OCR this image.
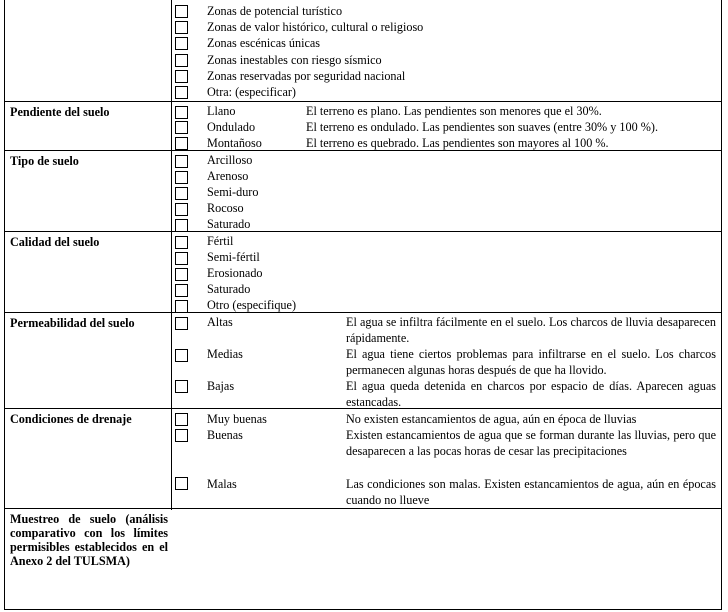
Zonas de potencial turístico
Zonas de valor histórico, cultural o religioso
Zonas escénicas únicas
Zonas inestables con riesgo sísmico
Zonas reservadas por seguridad nacional
Otra: (especificar)
Pendiente del suelo	Llano	El terreno es plano. Las pendientes son menores que el 30%.
Ondulado	El terreno es ondulado. Las pendientes son suaves (entre 30% y 100 %).
Montañoso	El terreno es quebrado. Las pendientes son mayores al 100 %.
Tipo de suelo	Arcilloso
Arenoso
Semi-duro
Rocoso
Saturado
Calidad del suelo	Fértil
Semi-fértil
Erosionado
Saturado
Otro (especifique)
Permeabilidad del suelo	Altas	El agua se infiltra fácilmente en el suelo. Los charcos de lluvia desaparecen rápidamente.
Medias	El agua tiene ciertos problemas para infiltrarse en el suelo. Los charcos permanecen algunas horas después de que ha llovido.
Bajas	El agua queda detenida en charcos por espacio de días. Aparecen aguas estancadas.
Condiciones de drenaje	Muy buenas	No existen estancamientos de agua, aún en época de lluvias
Buenas	Existen estancamientos de agua que se forman durante las lluvias, pero que desaparecen a las pocas horas de cesar las precipitaciones
Malas	Las condiciones son malas. Existen estancamientos de agua, aún en épocas cuando no llueve
Muestreo de suelo (análisis comparativo con los límites permisibles establecidos en el Anexo 2 del TULSMA)
